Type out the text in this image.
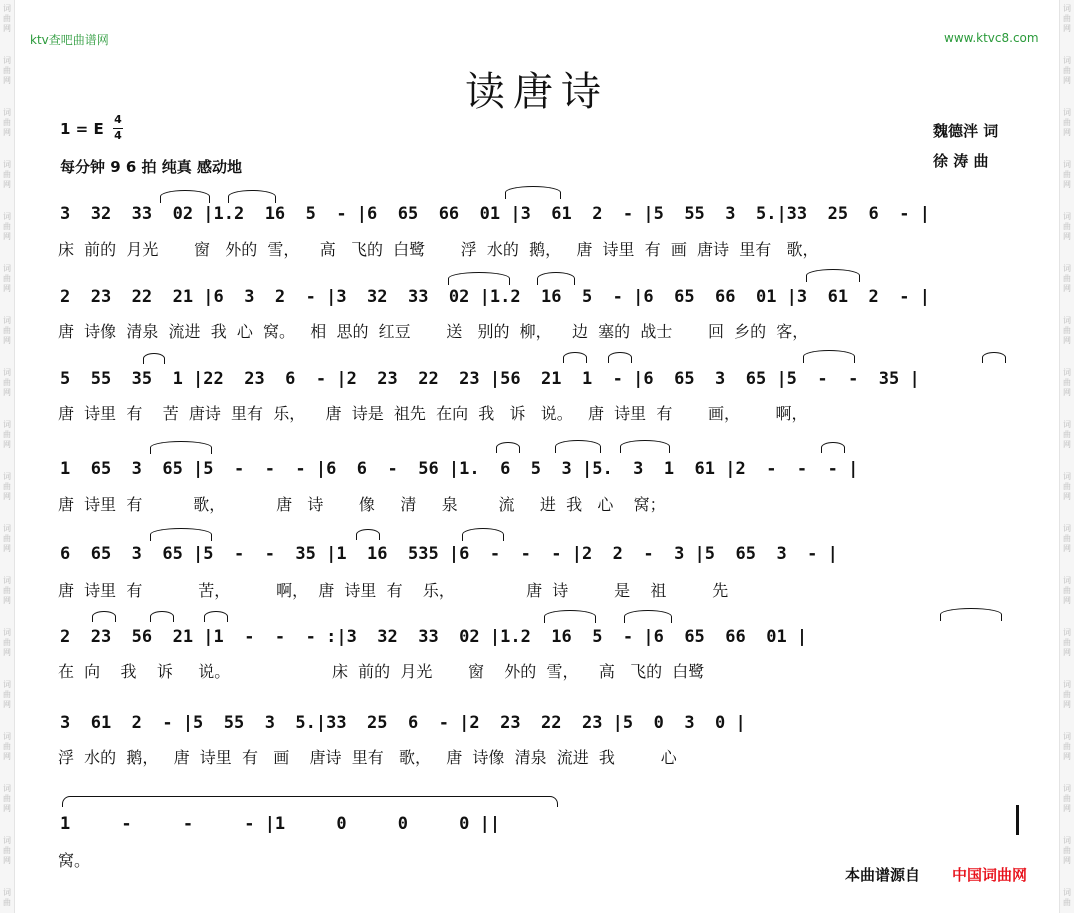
词
曲
网
词
曲
网
词
曲
网
词
曲
网
词
曲
网
词
曲
网
词
曲
网
词
曲
网
词
曲
网
词
曲
网
词
曲
网
词
曲
网
词
曲
网
词
曲
网
词
曲
网
词
曲
网
词
曲
网
词
曲
词
曲
网
词
曲
网
词
曲
网
词
曲
网
词
曲
网
词
曲
网
词
曲
网
词
曲
网
词
曲
网
词
曲
网
词
曲
网
词
曲
网
词
曲
网
词
曲
网
词
曲
网
词
曲
网
词
曲
网
词
曲
ktv查吧曲谱网	www.ktvc8.com
读唐诗
1 = E
4
4
每分钟 9 6 拍 纯真 感动地
魏德泮 词
徐 涛 曲
3  32  33  02 |1.2  16  5  - |6  65  66  01 |3  61  2  - |5  55  3  5.|33  25  6  - |
床  前的  月光       窗   外的  雪，    高   飞的  白鹭       浮  水的  鹅，   唐  诗里  有  画  唐诗  里有   歌，
2  23  22  21 |6  3  2  - |3  32  33  02 |1.2  16  5  - |6  65  66  01 |3  61  2  - |
唐  诗像  清泉  流进  我  心  窝。   相  思的  红豆       送   别的  柳，    边  塞的  战士       回  乡的  客，
5  55  35  1 |22  23  6  - |2  23  22  23 |56  21  1  - |6  65  3  65 |5  -  -  35 |
唐  诗里  有    苦  唐诗  里有  乐，    唐  诗是  祖先  在向  我   诉   说。   唐  诗里  有       画，       啊，
1  65  3  65 |5  -  -  - |6  6  -  56 |1.  6  5  3 |5.  3  1  61 |2  -  -  - |
唐  诗里  有          歌，          唐   诗       像     清     泉        流     进  我   心    窝；
6  65  3  65 |5  -  -  35 |1  16  535 |6  -  -  - |2  2  -  3 |5  65  3  - |
唐  诗里  有           苦，         啊，  唐  诗里  有    乐，              唐  诗         是    祖         先
2  23  56  21 |1  -  -  - :|3  32  33  02 |1.2  16  5  - |6  65  66  01 |
在  向    我    诉     说。                    床  前的  月光       窗    外的  雪，    高   飞的  白鹭
3  61  2  - |5  55  3  5.|33  25  6  - |2  23  22  23 |5  0  3  0 |
浮  水的  鹅，   唐  诗里  有   画    唐诗  里有   歌，   唐  诗像  清泉  流进  我         心
1     -     -     - |1     0     0     0 ||
窝。
本曲谱源自 中国词曲网
